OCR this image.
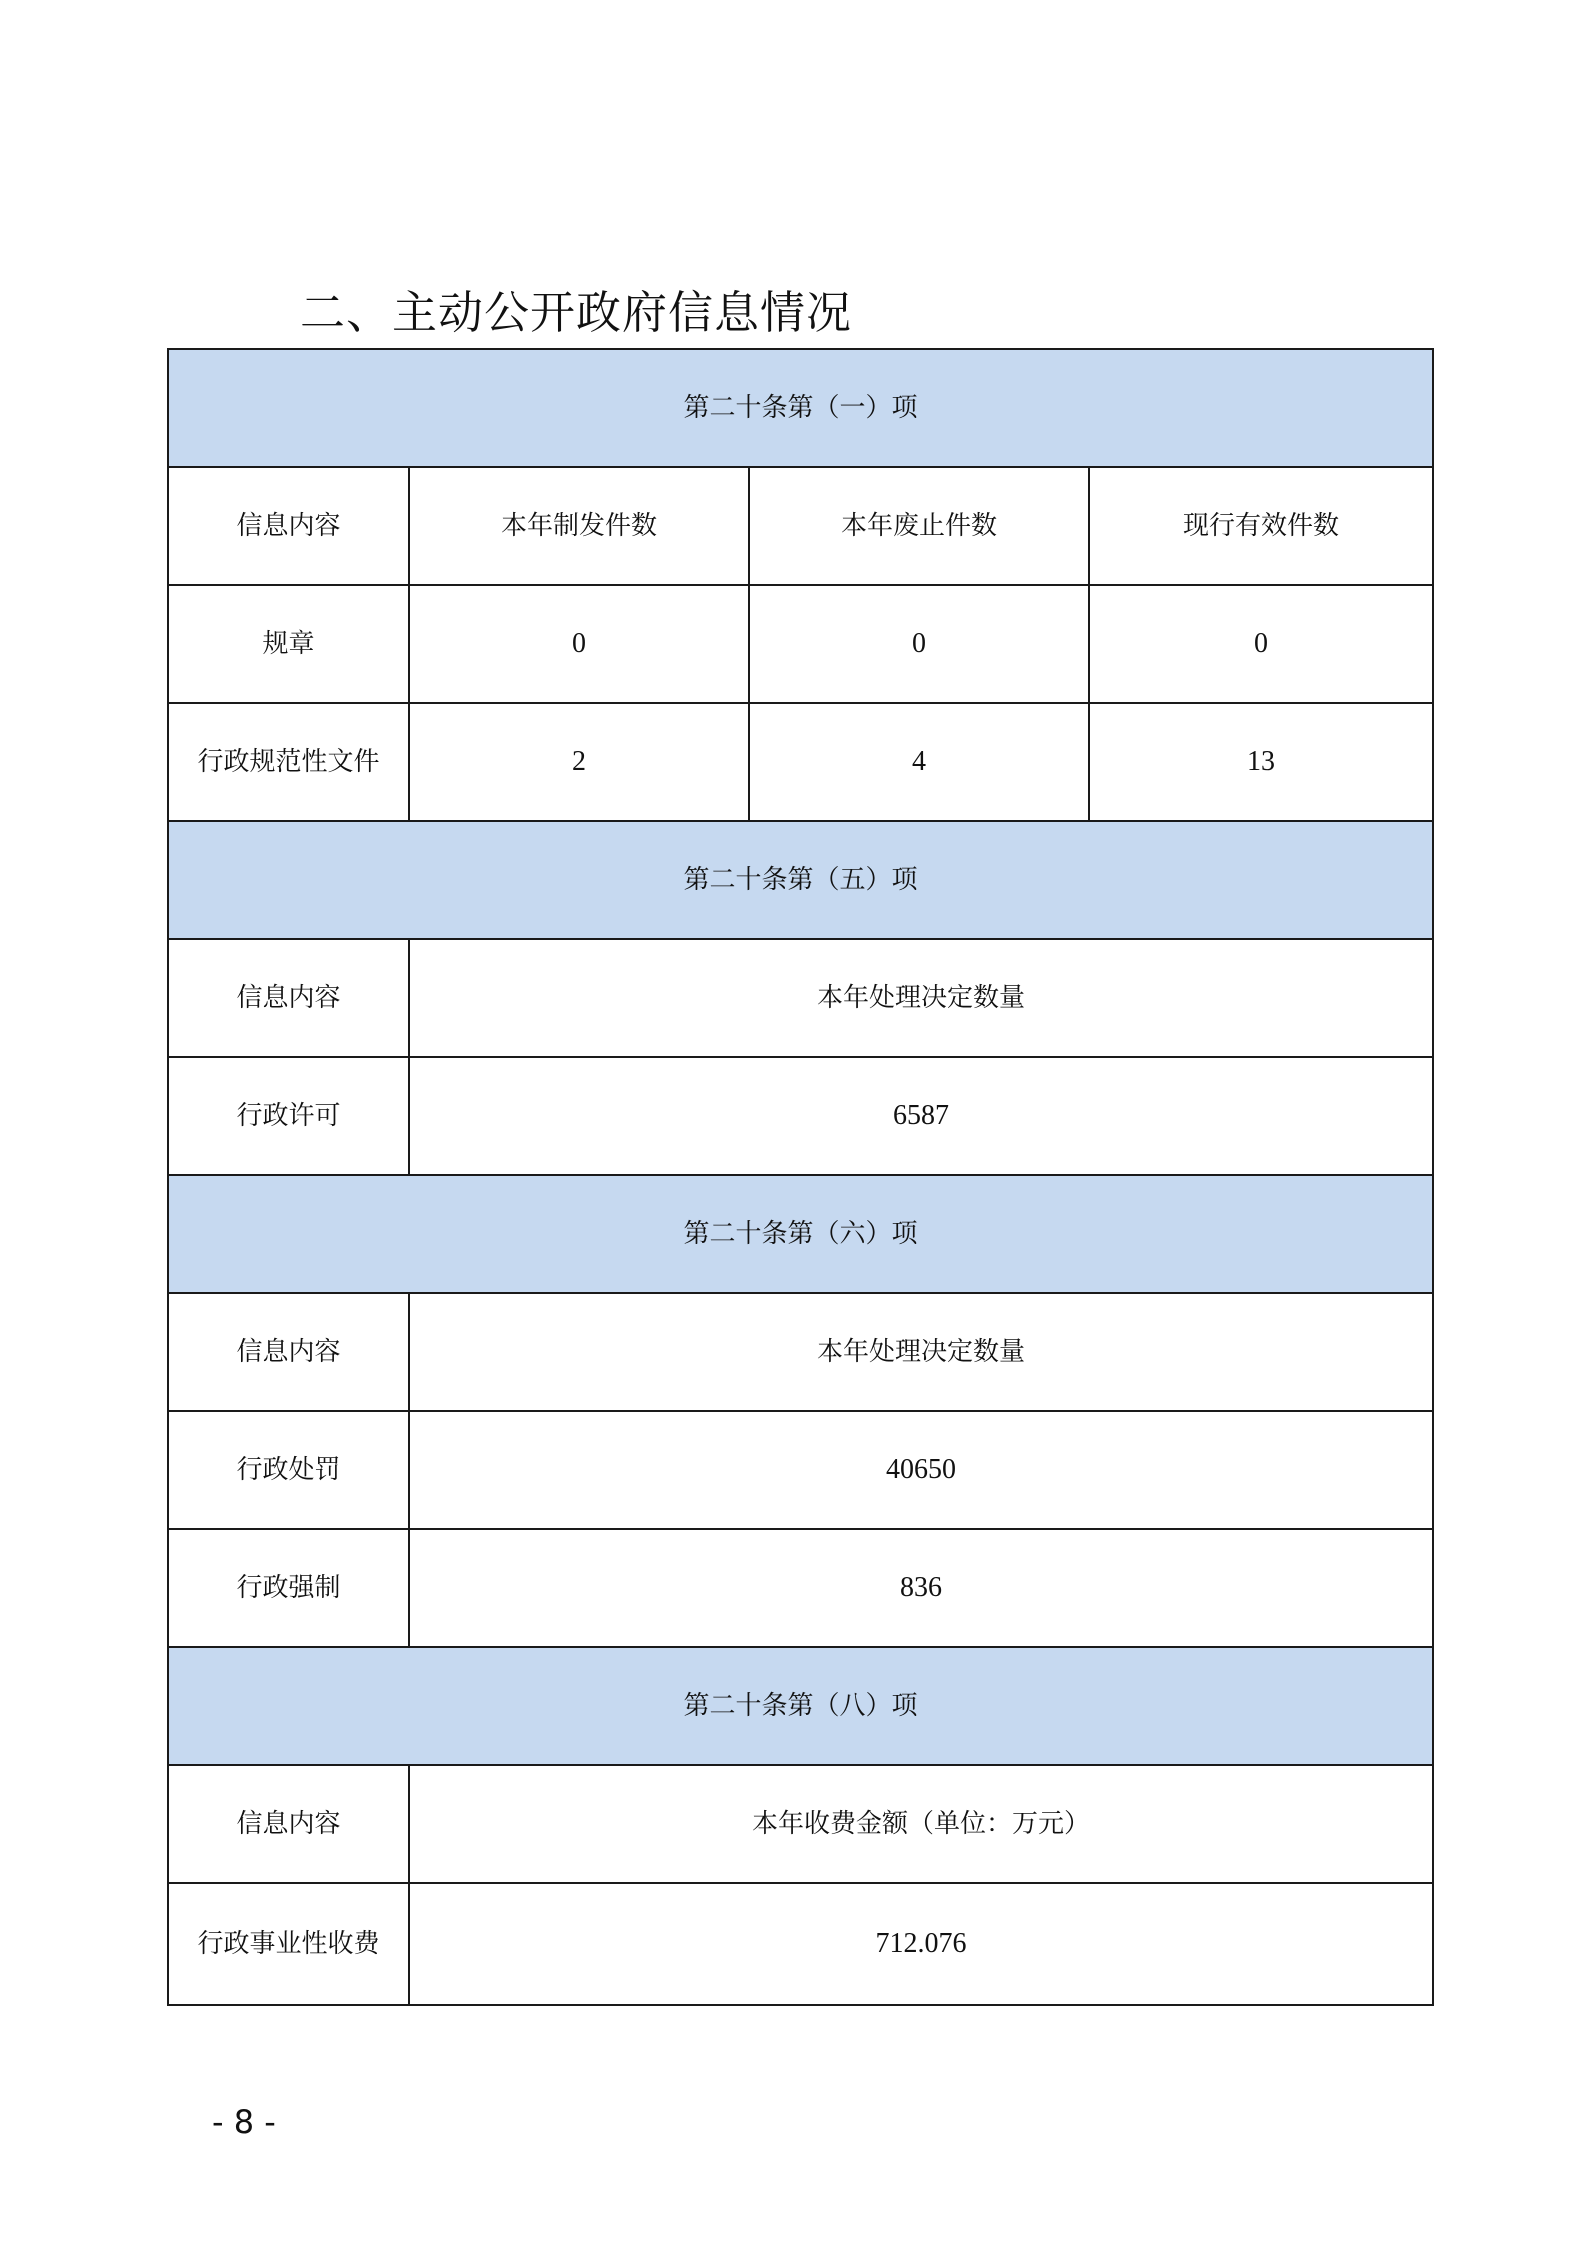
二、主动公开政府信息情况
第二十条第（一）项			
信息内容	本年制发件数	本年废止件数	现行有效件数
规章	0	0	0
行政规范性文件	2	4	13
第二十条第（五）项			
信息内容	本年处理决定数量		
行政许可	6587		
第二十条第（六）项			
信息内容	本年处理决定数量		
行政处罚	40650		
行政强制	836		
第二十条第（八）项			
信息内容	本年收费金额（单位：万元）		
行政事业性收费	712.076		
- 8 -
